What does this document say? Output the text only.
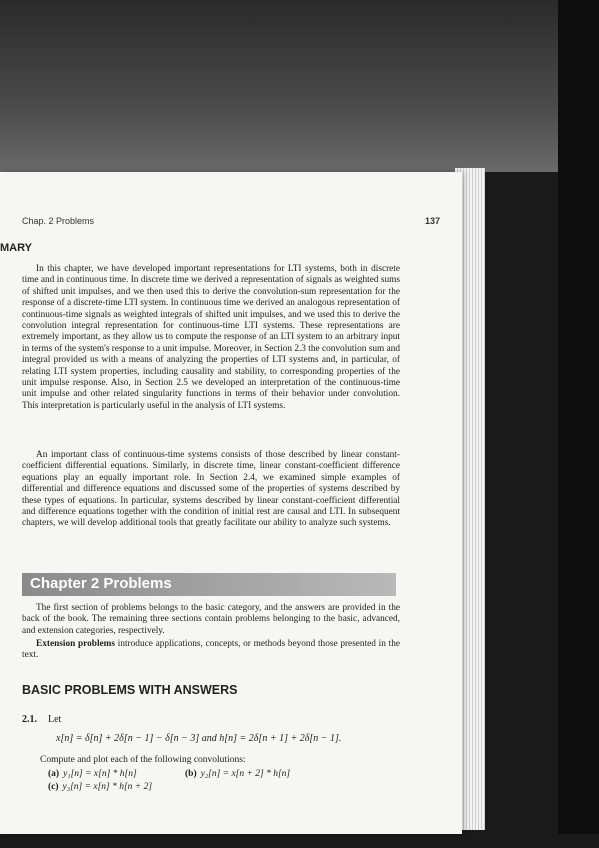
Chap. 2 Problems	137
MARY

In this chapter, we have developed important representations for LTI systems, both in discrete time and in continuous time. In discrete time we derived a representation of signals as weighted sums of shifted unit impulses, and we then used this to derive the convolution-sum representation for the response of a discrete-time LTI system. In continuous time we derived an analogous representation of continuous-time signals as weighted integrals of shifted unit impulses, and we used this to derive the convolution integral representation for continuous-time LTI systems. These representations are extremely important, as they allow us to compute the response of an LTI system to an arbitrary input in terms of the system's response to a unit impulse. Moreover, in Section 2.3 the convolution sum and integral provided us with a means of analyzing the properties of LTI systems and, in particular, of relating LTI system properties, including causality and stability, to corresponding properties of the unit impulse response. Also, in Section 2.5 we developed an interpretation of the continuous-time unit impulse and other related singularity functions in terms of their behavior under convolution. This interpretation is particularly useful in the analysis of LTI systems.

An important class of continuous-time systems consists of those described by linear constant-coefficient differential equations. Similarly, in discrete time, linear constant-coefficient difference equations play an equally important role. In Section 2.4, we examined simple examples of differential and difference equations and discussed some of the properties of systems described by these types of equations. In particular, systems described by linear constant-coefficient differential and difference equations together with the condition of initial rest are causal and LTI. In subsequent chapters, we will develop additional tools that greatly facilitate our ability to analyze such systems.

Chapter 2 Problems

The first section of problems belongs to the basic category, and the answers are provided in the back of the book. The remaining three sections contain problems belonging to the basic, advanced, and extension categories, respectively.

Extension problems introduce applications, concepts, or methods beyond those presented in the text.

BASIC PROBLEMS WITH ANSWERS
2.1. Let
x[n] = δ[n] + 2δ[n − 1] − δ[n − 3] and h[n] = 2δ[n + 1] + 2δ[n − 1].
Compute and plot each of the following convolutions:
(a) y₁[n] = x[n] * h[n]	(b) y₂[n] = x[n + 2] * h[n]
(c) y₃[n] = x[n] * h[n + 2]
